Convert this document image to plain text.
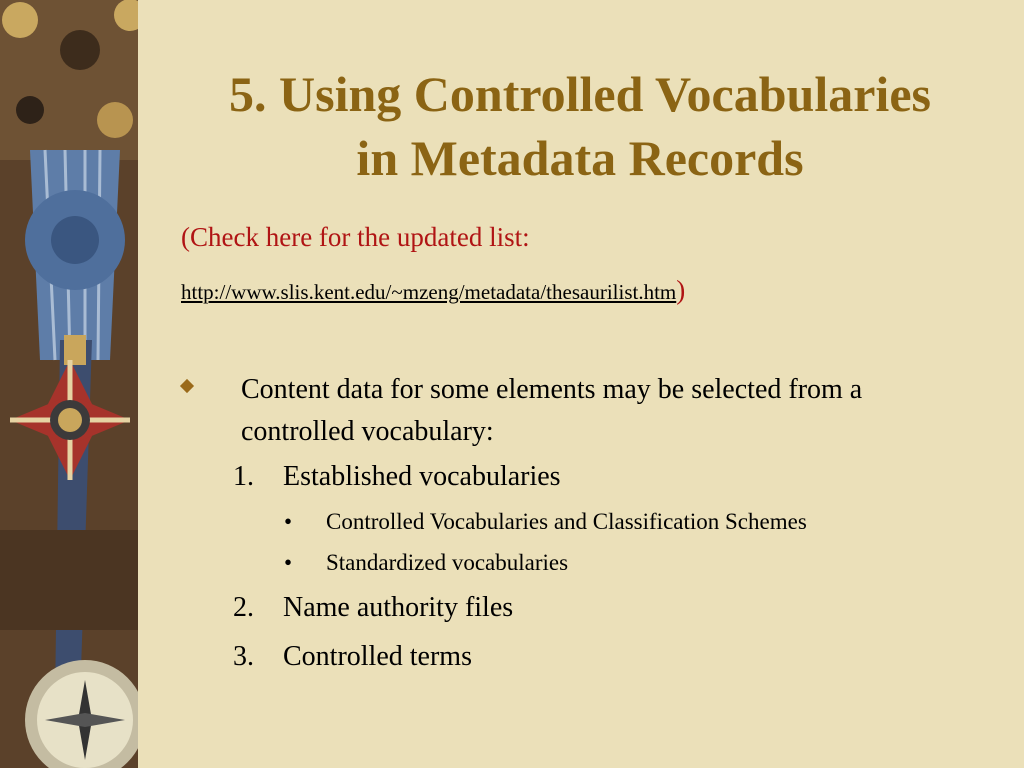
5. Using Controlled Vocabularies
in Metadata Records
(Check here for the updated list:
http://www.slis.kent.edu/~mzeng/metadata/thesaurilist.htm)
Content data for some elements may be selected from a controlled vocabulary:
1. Established vocabularies
• Controlled Vocabularies and Classification Schemes
• Standardized vocabularies
2. Name authority files
3. Controlled terms
